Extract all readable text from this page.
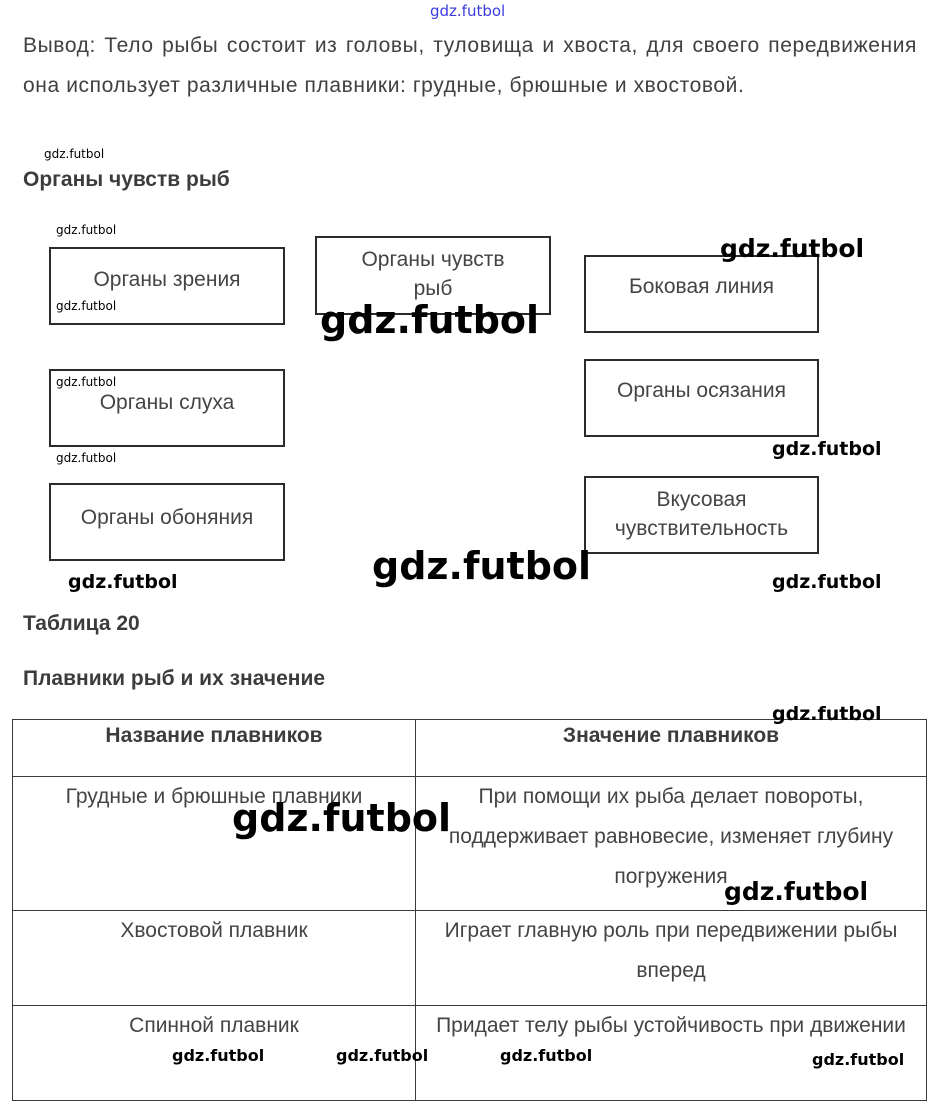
gdz.futbol
Вывод: Тело рыбы состоит из головы, туловища и хвоста, для своего передвижения она использует различные плавники: грудные, брюшные и хвостовой.
gdz.futbol
Органы чувств рыб
gdz.futbol
Органы зрения
Органы чувств рыб	Боковая линия
Органы слуха
Органы осязания
Органы обоняния
Вкусовая чувствительность
gdz.futbol
gdz.futbol
gdz.futbol
gdz.futbol
gdz.futbol
gdz.futbol
gdz.futbol
gdz.futbol	gdz.futbol
Таблица 20
Плавники рыб и их значение
gdz.futbol
Название плавников	Значение плавников

Грудные и брюшные плавники	При помощи их рыба делает повороты, поддерживает равновесие, изменяет глубину погружения
Хвостовой плавник	Играет главную роль при передвижении рыбы вперед
Спинной плавник	Придает телу рыбы устойчивость при движении
gdz.futbol
gdz.futbol
gdz.futbol	gdz.futbol	gdz.futbol	gdz.futbol
